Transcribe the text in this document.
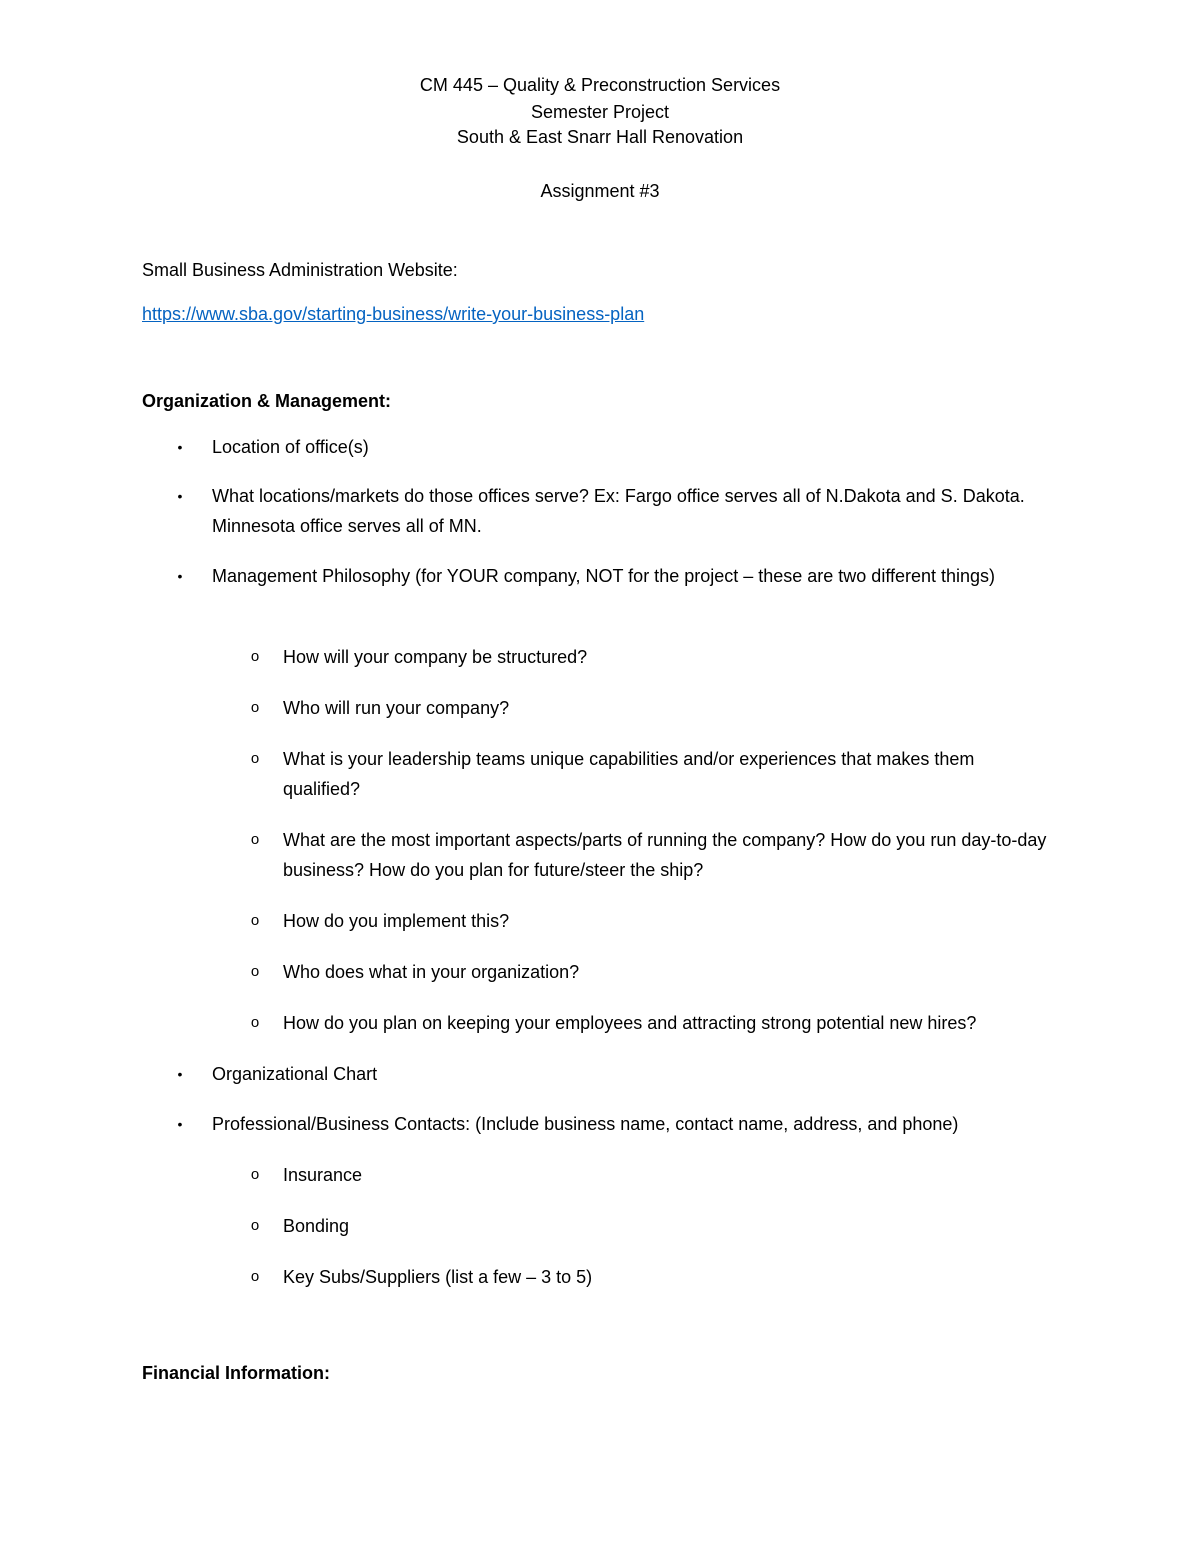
CM 445 – Quality & Preconstruction Services
Semester Project
South & East Snarr Hall Renovation
Assignment #3
Small Business Administration Website:
https://www.sba.gov/starting-business/write-your-business-plan
Organization & Management:
• Location of office(s)
• What locations/markets do those offices serve? Ex: Fargo office serves all of N.Dakota and S. Dakota. Minnesota office serves all of MN.
• Management Philosophy (for YOUR company, NOT for the project – these are two different things)
o How will your company be structured?
o Who will run your company?
o What is your leadership teams unique capabilities and/or experiences that makes them qualified?
o What are the most important aspects/parts of running the company? How do you run day-to-day business? How do you plan for future/steer the ship?
o How do you implement this?
o Who does what in your organization?
o How do you plan on keeping your employees and attracting strong potential new hires?
• Organizational Chart
• Professional/Business Contacts: (Include business name, contact name, address, and phone)
o Insurance
o Bonding
o Key Subs/Suppliers (list a few – 3 to 5)
Financial Information:
